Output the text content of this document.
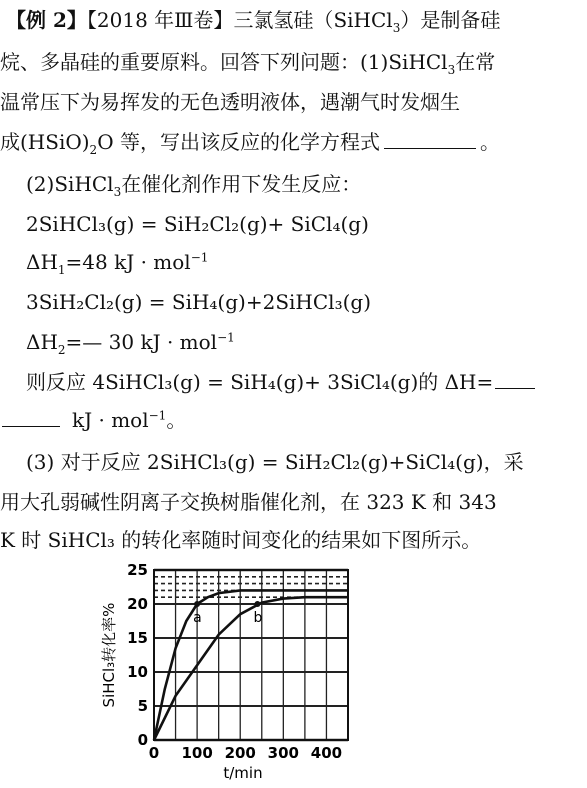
【例 2】【2018 年Ⅲ卷】三氯氢硅（SiHCl$_3$）是制备硅
烷、多晶硅的重要原料。回答下列问题：(1)SiHCl$_3$在常
温常压下为易挥发的无色透明液体，遇潮气时发烟生
成$(HSiO)_2O$ 等，写出该反应的化学方程式	。
(2)SiHCl$_3$在催化剂作用下发生反应：
2SiHCl₃(g) = SiH₂Cl₂(g)+ SiCl₄(g)
$\Delta H_1=48$ kJ · mol$^{-1}$
3SiH₂Cl₂(g) = SiH₄(g)+2SiHCl₃(g)
$\Delta H_2=—$ 30 kJ · mol$^{-1}$
则反应 4SiHCl₃(g) = SiH₄(g)+ 3SiCl₄(g)的 ΔH=
kJ · mol$^{-1}$。
(3) 对于反应 2SiHCl₃(g) = SiH₂Cl₂(g)+SiCl₄(g)，采
用大孔弱碱性阴离子交换树脂催化剂，在 323 K 和 343
K 时 SiHCl₃ 的转化率随时间变化的结果如下图所示。
a	b
0 100 200 300 400
0
5
10
15
20
25
t/min
SiHCl₃转化率%
